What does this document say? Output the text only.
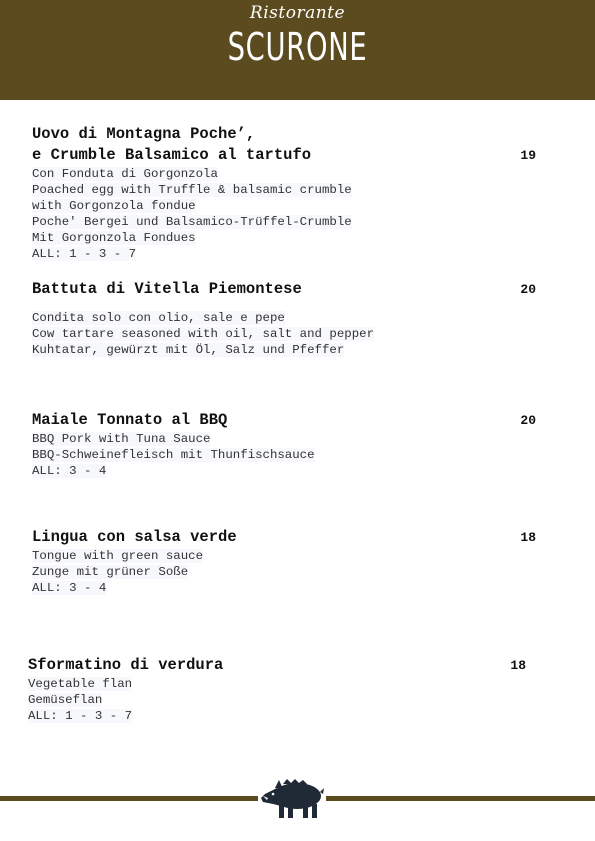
Ristorante
SCURONE
Uovo di Montagna Poche’,
e Crumble Balsamico al tartufo	19
Con Fonduta di Gorgonzola
Poached egg with Truffle & balsamic crumble
with Gorgonzola fondue
Poche' Bergei und Balsamico-Trüffel-Crumble
Mit Gorgonzola Fondues
ALL: 1 - 3 - 7
Battuta di Vitella Piemontese	20
Condita solo con olio, sale e pepe
Cow tartare seasoned with oil, salt and pepper
Kuhtatar, gewürzt mit Öl, Salz und Pfeffer
Maiale Tonnato al BBQ	20
BBQ Pork with Tuna Sauce
BBQ-Schweinefleisch mit Thunfischsauce
ALL: 3 - 4
Lingua con salsa verde	18
Tongue with green sauce
Zunge mit grüner Soße
ALL: 3 - 4
Sformatino di verdura	18
Vegetable flan
Gemüseflan
ALL: 1 - 3 - 7
